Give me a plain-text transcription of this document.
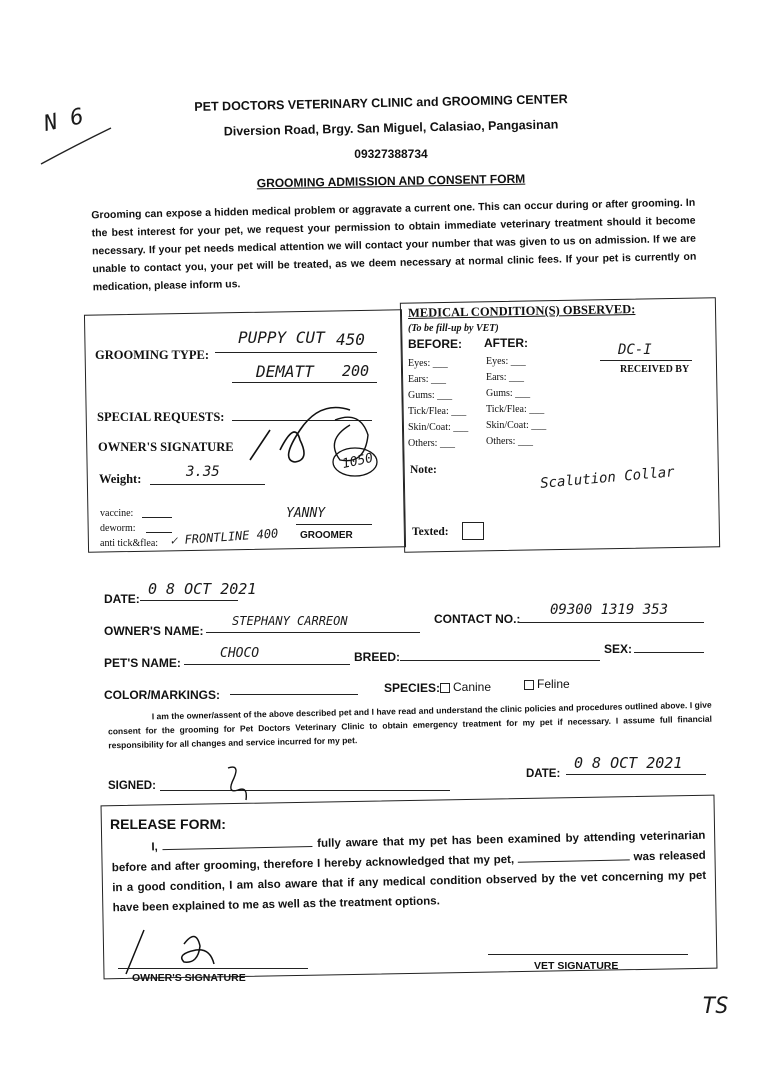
N 6
PET DOCTORS VETERINARY CLINIC and GROOMING CENTER
Diversion Road, Brgy. San Miguel, Calasiao, Pangasinan
09327388734
GROOMING ADMISSION AND CONSENT FORM
Grooming can expose a hidden medical problem or aggravate a current one. This can occur during or after grooming. In the best interest for your pet, we request your permission to obtain immediate veterinary treatment should it become necessary. If your pet needs medical attention we will contact your number that was given to us on admission. If we are unable to contact you, your pet will be treated, as we deem necessary at normal clinic fees. If your pet is currently on medication, please inform us.
GROOMING TYPE:
PUPPY CUT 450
DEMATT 200
SPECIAL REQUESTS:
OWNER'S SIGNATURE
1050
Weight:	3.35
vaccine:
deworm:
anti tick&flea: ✓ FRONTLINE 400
YANNY
GROOMER
MEDICAL CONDITION(S) OBSERVED:
(To be fill-up by VET)
BEFORE: AFTER:
Eyes: ___
Ears: ___
Gums: ___
Tick/Flea: ___
Skin/Coat: ___
Others: ___
Eyes: ___
Ears: ___
Gums: ___
Tick/Flea: ___
Skin/Coat: ___
Others: ___
DC-I
RECEIVED BY
Note:	Scalution Collar
Texted:
DATE:
0 8 OCT 2021
OWNER'S NAME:
STEPHANY CARREON	CONTACT NO.:
09300 1319 353
PET'S NAME:
CHOCO	BREED:
SEX:
COLOR/MARKINGS:	SPECIES:	Canine	Feline
I am the owner/assent of the above described pet and I have read and understand the clinic policies and procedures outlined above. I give consent for the grooming for Pet Doctors Veterinary Clinic to obtain emergency treatment for my pet if necessary. I assume full financial responsibility for all changes and service incurred for my pet.
SIGNED:
DATE:
0 8 OCT 2021
RELEASE FORM:
I,	fully aware that my pet has been examined by attending veterinarian before and after grooming, therefore I hereby acknowledged that my pet,	was released in a good condition, I am also aware that if any medical condition observed by the vet concerning my pet have been explained to me as well as the treatment options.
OWNER'S SIGNATURE
VET SIGNATURE
TS
